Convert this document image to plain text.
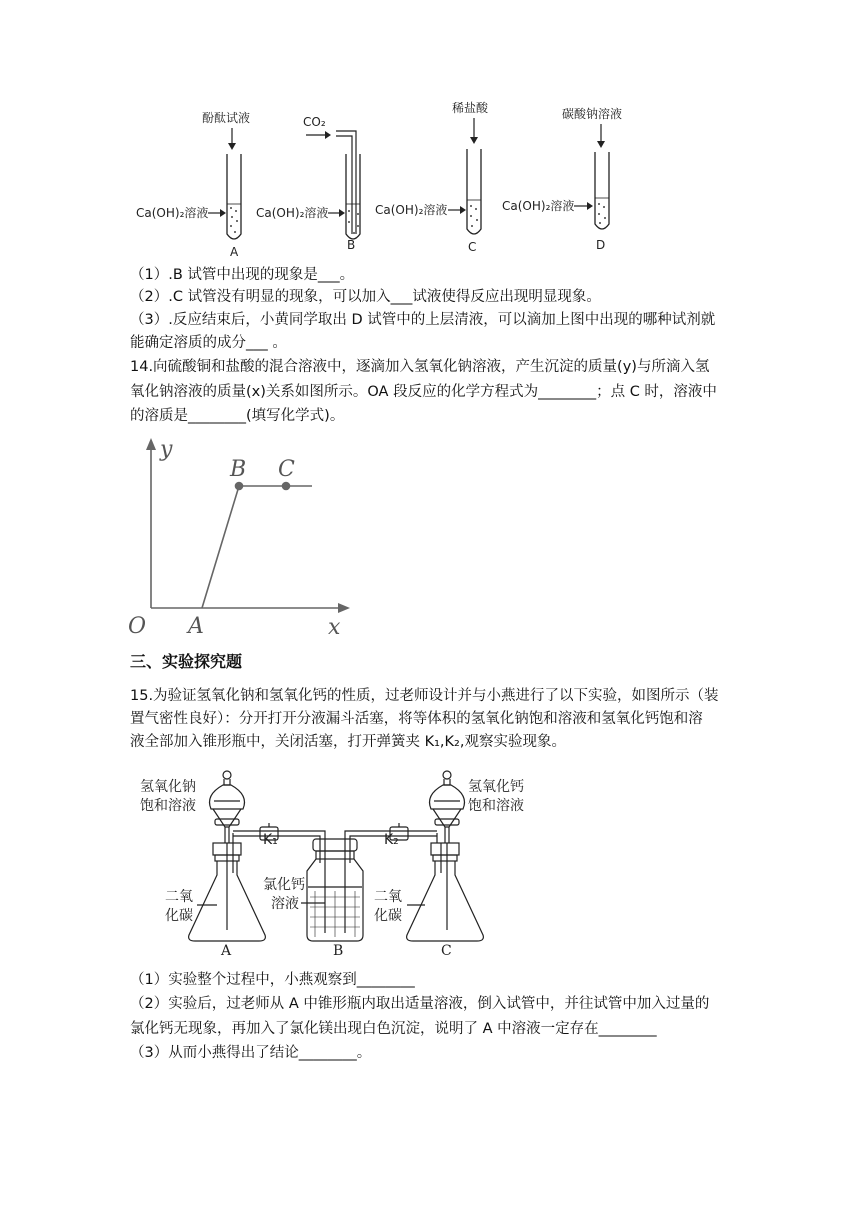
酚酞试液
Ca(OH)₂溶液
A
CO₂
Ca(OH)₂溶液
B
稀盐酸
Ca(OH)₂溶液
C
碳酸钠溶液
Ca(OH)₂溶液
D
（1）.B 试管中出现的现象是___。
（2）.C 试管没有明显的现象，可以加入___试液使得反应出现明显现象。
（3）.反应结束后，小黄同学取出 D 试管中的上层清液，可以滴加上图中出现的哪种试剂就
能确定溶质的成分___ 。
14.向硫酸铜和盐酸的混合溶液中，逐滴加入氢氧化钠溶液，产生沉淀的质量(y)与所滴入氢
氧化钠溶液的质量(x)关系如图所示。OA 段反应的化学方程式为________；点 C 时，溶液中
的溶质是________(填写化学式)。
y
x
O A
B C
三、实验探究题
15.为验证氢氧化钠和氢氧化钙的性质，过老师设计并与小燕进行了以下实验，如图所示（装
置气密性良好）：分开打开分液漏斗活塞，将等体积的氢氧化钠饱和溶液和氢氧化钙饱和溶
液全部加入锥形瓶中，关闭活塞，打开弹簧夹 K₁,K₂,观察实验现象。
氢氧化钠
饱和溶液
氢氧化钙
饱和溶液
K₁	K₂
二氧
化碳
二氧
化碳
氯化钙
溶液
A	B	C
（1）实验整个过程中，小燕观察到________
（2）实验后，过老师从 A 中锥形瓶内取出适量溶液，倒入试管中，并往试管中加入过量的
氯化钙无现象，再加入了氯化镁出现白色沉淀，说明了 A 中溶液一定存在________
（3）从而小燕得出了结论________。
